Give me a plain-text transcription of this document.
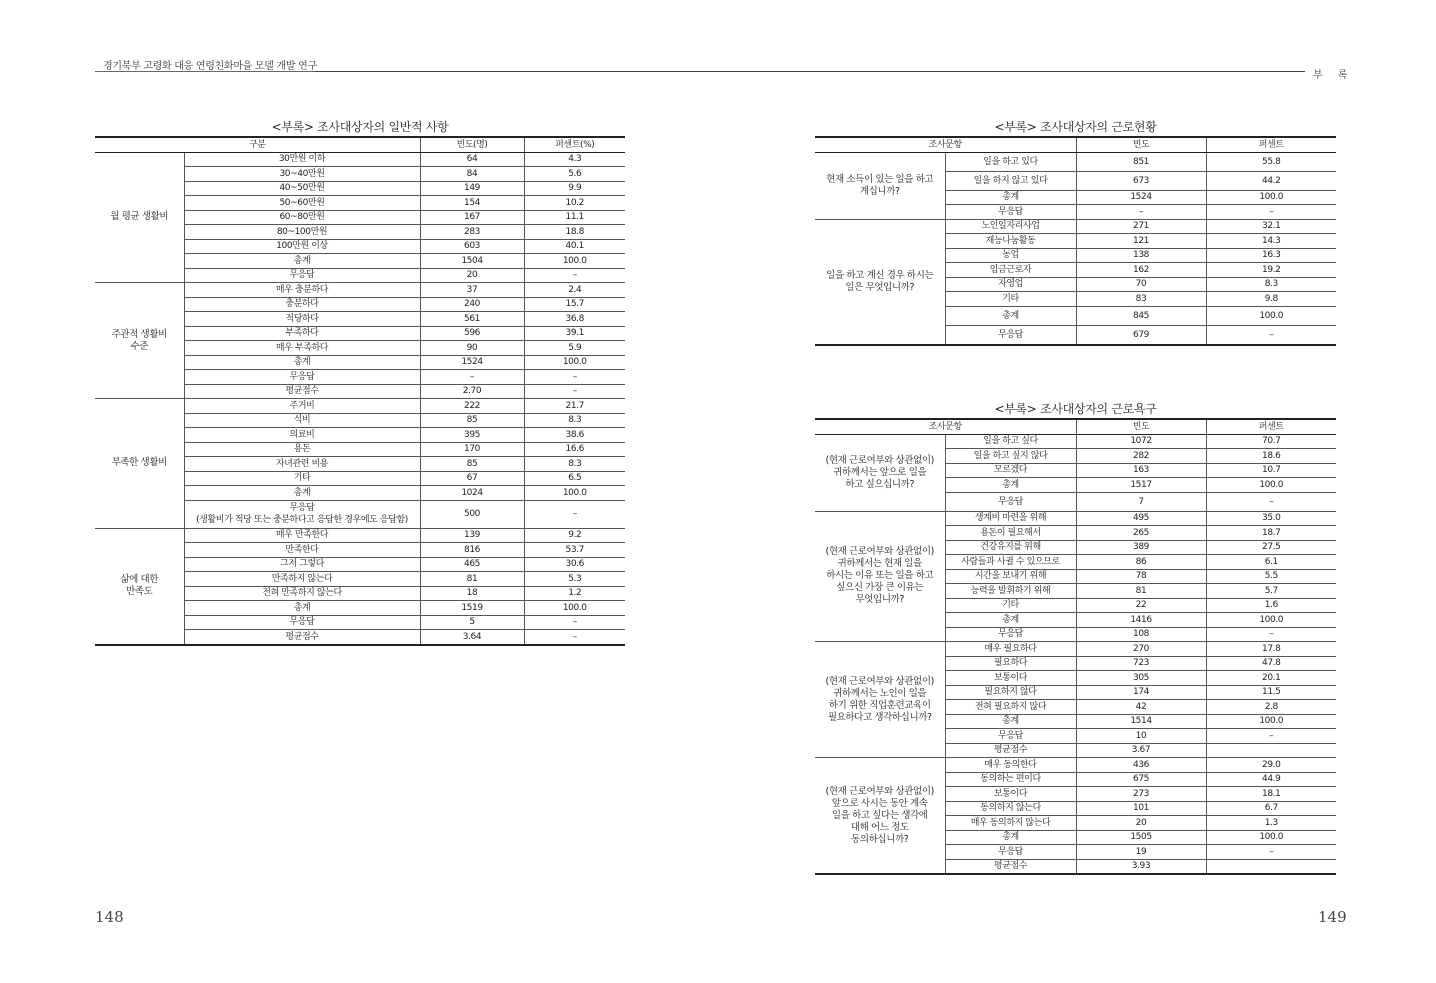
경기북부 고령화 대응 연령친화마을 모델 개발 연구
부 록
<부록> 조사대상자의 일반적 사항
구분		빈도(명)	퍼센트(%)

월 평균 생활비	30만원 이하	64	4.3
	30~40만원	84	5.6
	40~50만원	149	9.9
	50~60만원	154	10.2
	60~80만원	167	11.1
	80~100만원	283	18.8
	100만원 이상	603	40.1
	총계	1504	100.0
	무응답	20	–

주관적 생활비
수준	매우 충분하다	37	2.4
	충분하다	240	15.7
	적당하다	561	36.8
	부족하다	596	39.1
	매우 부족하다	90	5.9
	총계	1524	100.0
	무응답	–	–
	평균점수	2.70	–

부족한 생활비	주거비	222	21.7
	식비	85	8.3
	의료비	395	38.6
	용돈	170	16.6
	자녀관련 비용	85	8.3
	기타	67	6.5
	총계	1024	100.0
	무응답
(생활비가 적당 또는 충분하다고 응답한 경우에도 응답함)	500	–

삶에 대한
만족도	매우 만족한다	139	9.2
	만족한다	816	53.7
	그저 그렇다	465	30.6
	만족하지 않는다	81	5.3
	전혀 만족하지 않는다	18	1.2
	총계	1519	100.0
	무응답	5	–
	평균점수	3.64	–
<부록> 조사대상자의 근로현황
조사문항		빈도	퍼센트

현재 소득이 있는 일을 하고
계십니까?	일을 하고 있다	851	55.8
	일을 하지 않고 있다	673	44.2
	총계	1524	100.0
	무응답	–	–

일을 하고 계신 경우 하시는
일은 무엇입니까?	노인일자리사업	271	32.1
	재능나눔활동	121	14.3
	농업	138	16.3
	임금근로자	162	19.2
	자영업	70	8.3
	기타	83	9.8
	총계	845	100.0
	무응답	679	–
<부록> 조사대상자의 근로욕구
조사문항		빈도	퍼센트

(현재 근로여부와 상관없이)
귀하께서는 앞으로 일을
하고 싶으십니까?	일을 하고 싶다	1072	70.7
	일을 하고 싶지 않다	282	18.6
	모르겠다	163	10.7
	총계	1517	100.0
	무응답	7	–

(현재 근로여부와 상관없이)
귀하께서는 현재 일을
하시는 이유 또는 일을 하고
싶으신 가장 큰 이유는
무엇입니까?	생계비 마련을 위해	495	35.0
	용돈이 필요해서	265	18.7
	건강유지를 위해	389	27.5
	사람들과 사귈 수 있으므로	86	6.1
	시간을 보내기 위해	78	5.5
	능력을 발휘하기 위해	81	5.7
	기타	22	1.6
	총계	1416	100.0
	무응답	108	–

(현재 근로여부와 상관없이)
귀하께서는 노인이 일을
하기 위한 직업훈련교육이
필요하다고 생각하십니까?	매우 필요하다	270	17.8
	필요하다	723	47.8
	보통이다	305	20.1
	필요하지 않다	174	11.5
	전혀 필요하지 않다	42	2.8
	총계	1514	100.0
	무응답	10	–
	평균점수	3.67	

(현재 근로여부와 상관없이)
앞으로 사시는 동안 계속
일을 하고 싶다는 생각에
대해 어느 정도
동의하십니까?	매우 동의한다	436	29.0
	동의하는 편이다	675	44.9
	보통이다	273	18.1
	동의하지 않는다	101	6.7
	매우 동의하지 않는다	20	1.3
	총계	1505	100.0
	무응답	19	–
	평균점수	3.93	
148	149
